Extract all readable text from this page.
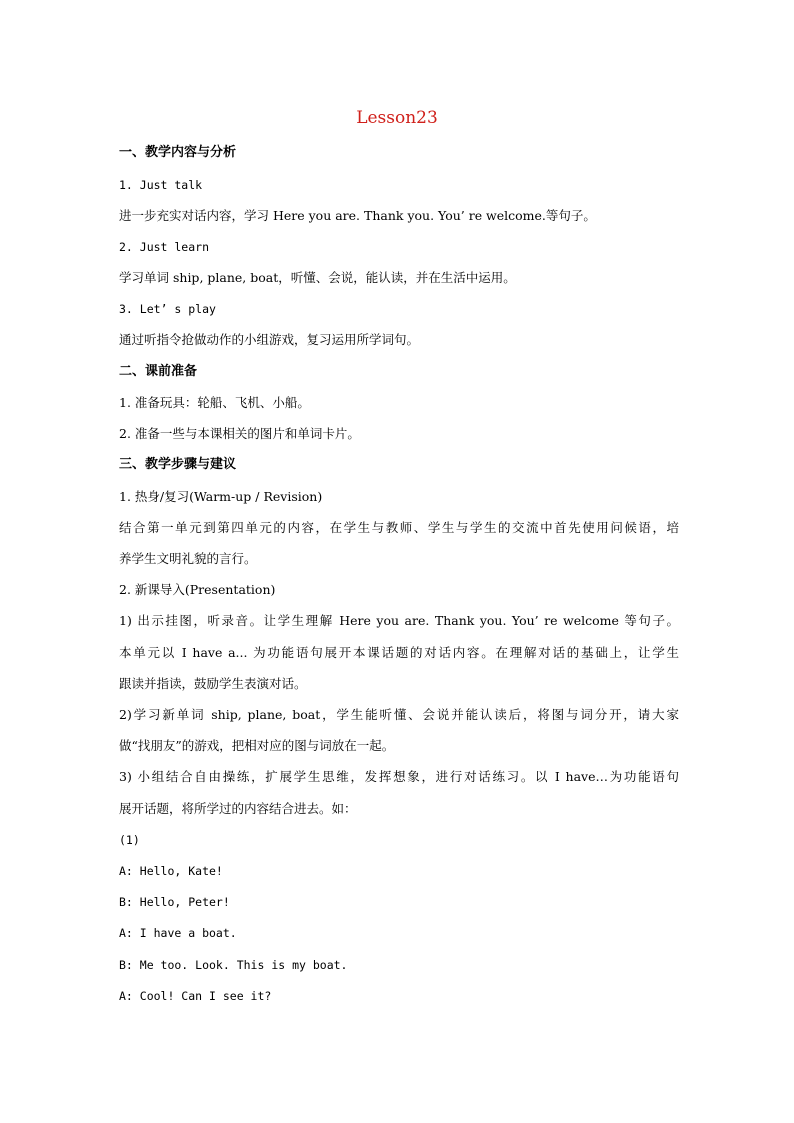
Lesson23
一、教学内容与分析
1. Just talk
进一步充实对话内容，学习 Here you are. Thank you. You’ re welcome.等句子。
2. Just learn
学习单词 ship, plane, boat，听懂、会说，能认读，并在生活中运用。
3. Let’ s play
通过听指令抢做动作的小组游戏，复习运用所学词句。
二、课前准备
1. 准备玩具：轮船、飞机、小船。
2. 准备一些与本课相关的图片和单词卡片。
三、教学步骤与建议
1. 热身/复习(Warm-up / Revision)
结合第一单元到第四单元的内容，在学生与教师、学生与学生的交流中首先使用问候语，培
养学生文明礼貌的言行。
2. 新课导入(Presentation)
1) 出示挂图，听录音。让学生理解 Here you are. Thank you. You’ re welcome 等句子。
本单元以 I have a... 为功能语句展开本课话题的对话内容。在理解对话的基础上，让学生
跟读并指读，鼓励学生表演对话。
2)学习新单词 ship, plane, boat，学生能听懂、会说并能认读后，将图与词分开，请大家
做“找朋友”的游戏，把相对应的图与词放在一起。
3) 小组结合自由操练，扩展学生思维，发挥想象，进行对话练习。以 I have…为功能语句
展开话题，将所学过的内容结合进去。如：
(1)
A: Hello, Kate!
B: Hello, Peter!
A: I have a boat.
B: Me too. Look. This is my boat.
A: Cool! Can I see it?
